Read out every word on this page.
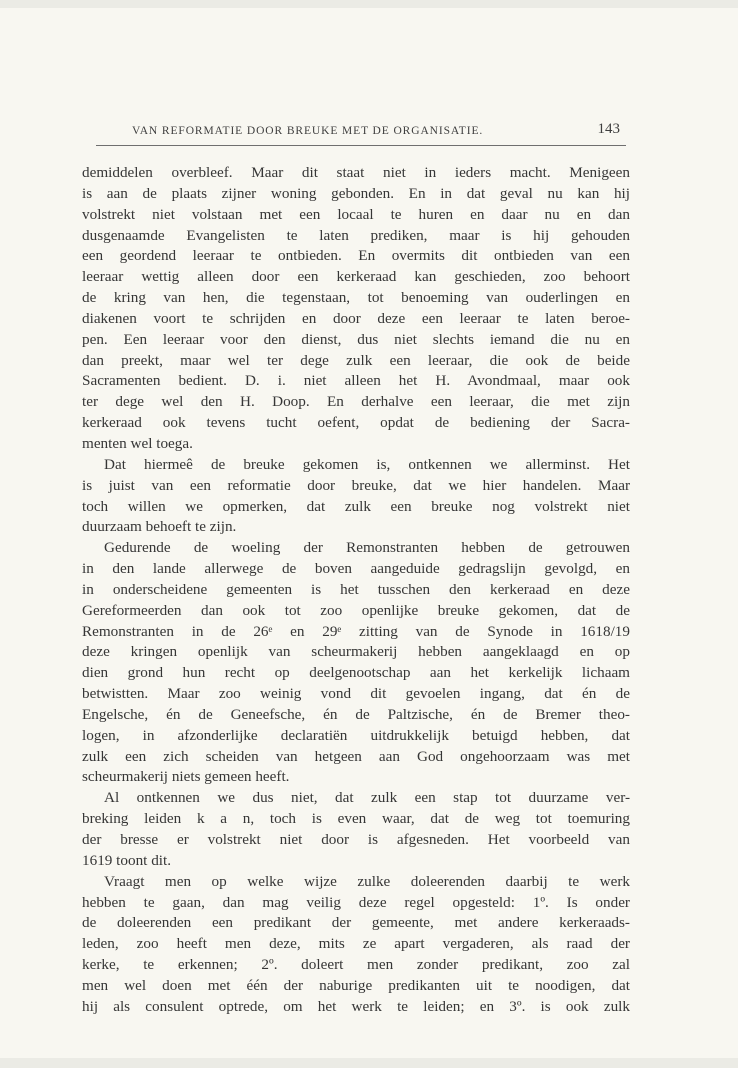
VAN REFORMATIE DOOR BREUKE MET DE ORGANISATIE.	143
demiddelen overbleef. Maar dit staat niet in ieders macht. Menigeen
is aan de plaats zijner woning gebonden. En in dat geval nu kan hij
volstrekt niet volstaan met een locaal te huren en daar nu en dan
dusgenaamde Evangelisten te laten prediken, maar is hij gehouden
een geordend leeraar te ontbieden. En overmits dit ontbieden van een
leeraar wettig alleen door een kerkeraad kan geschieden, zoo behoort
de kring van hen, die tegenstaan, tot benoeming van ouderlingen en
diakenen voort te schrijden en door deze een leeraar te laten beroe-
pen. Een leeraar voor den dienst, dus niet slechts iemand die nu en
dan preekt, maar wel ter dege zulk een leeraar, die ook de beide
Sacramenten bedient. D. i. niet alleen het H. Avondmaal, maar ook
ter dege wel den H. Doop. En derhalve een leeraar, die met zijn
kerkeraad ook tevens tucht oefent, opdat de bediening der Sacra-
menten wel toega.
Dat hiermeê de breuke gekomen is, ontkennen we allerminst. Het
is juist van een reformatie door breuke, dat we hier handelen. Maar
toch willen we opmerken, dat zulk een breuke nog volstrekt niet
duurzaam behoeft te zijn.
Gedurende de woeling der Remonstranten hebben de getrouwen
in den lande allerwege de boven aangeduide gedragslijn gevolgd, en
in onderscheidene gemeenten is het tusschen den kerkeraad en deze
Gereformeerden dan ook tot zoo openlijke breuke gekomen, dat de
Remonstranten in de 26ᵉ en 29ᵉ zitting van de Synode in 1618/19
deze kringen openlijk van scheurmakerij hebben aangeklaagd en op
dien grond hun recht op deelgenootschap aan het kerkelijk lichaam
betwistten. Maar zoo weinig vond dit gevoelen ingang, dat én de
Engelsche, én de Geneefsche, én de Paltzische, én de Bremer theo-
logen, in afzonderlijke declaratiën uitdrukkelijk betuigd hebben, dat
zulk een zich scheiden van hetgeen aan God ongehoorzaam was met
scheurmakerij niets gemeen heeft.
Al ontkennen we dus niet, dat zulk een stap tot duurzame ver-
breking leiden k a n, toch is even waar, dat de weg tot toemuring
der bresse er volstrekt niet door is afgesneden. Het voorbeeld van
1619 toont dit.
Vraagt men op welke wijze zulke doleerenden daarbij te werk
hebben te gaan, dan mag veilig deze regel opgesteld: 1º. Is onder
de doleerenden een predikant der gemeente, met andere kerkeraads-
leden, zoo heeft men deze, mits ze apart vergaderen, als raad der
kerke, te erkennen; 2º. doleert men zonder predikant, zoo zal
men wel doen met één der naburige predikanten uit te noodigen, dat
hij als consulent optrede, om het werk te leiden; en 3º. is ook zulk
